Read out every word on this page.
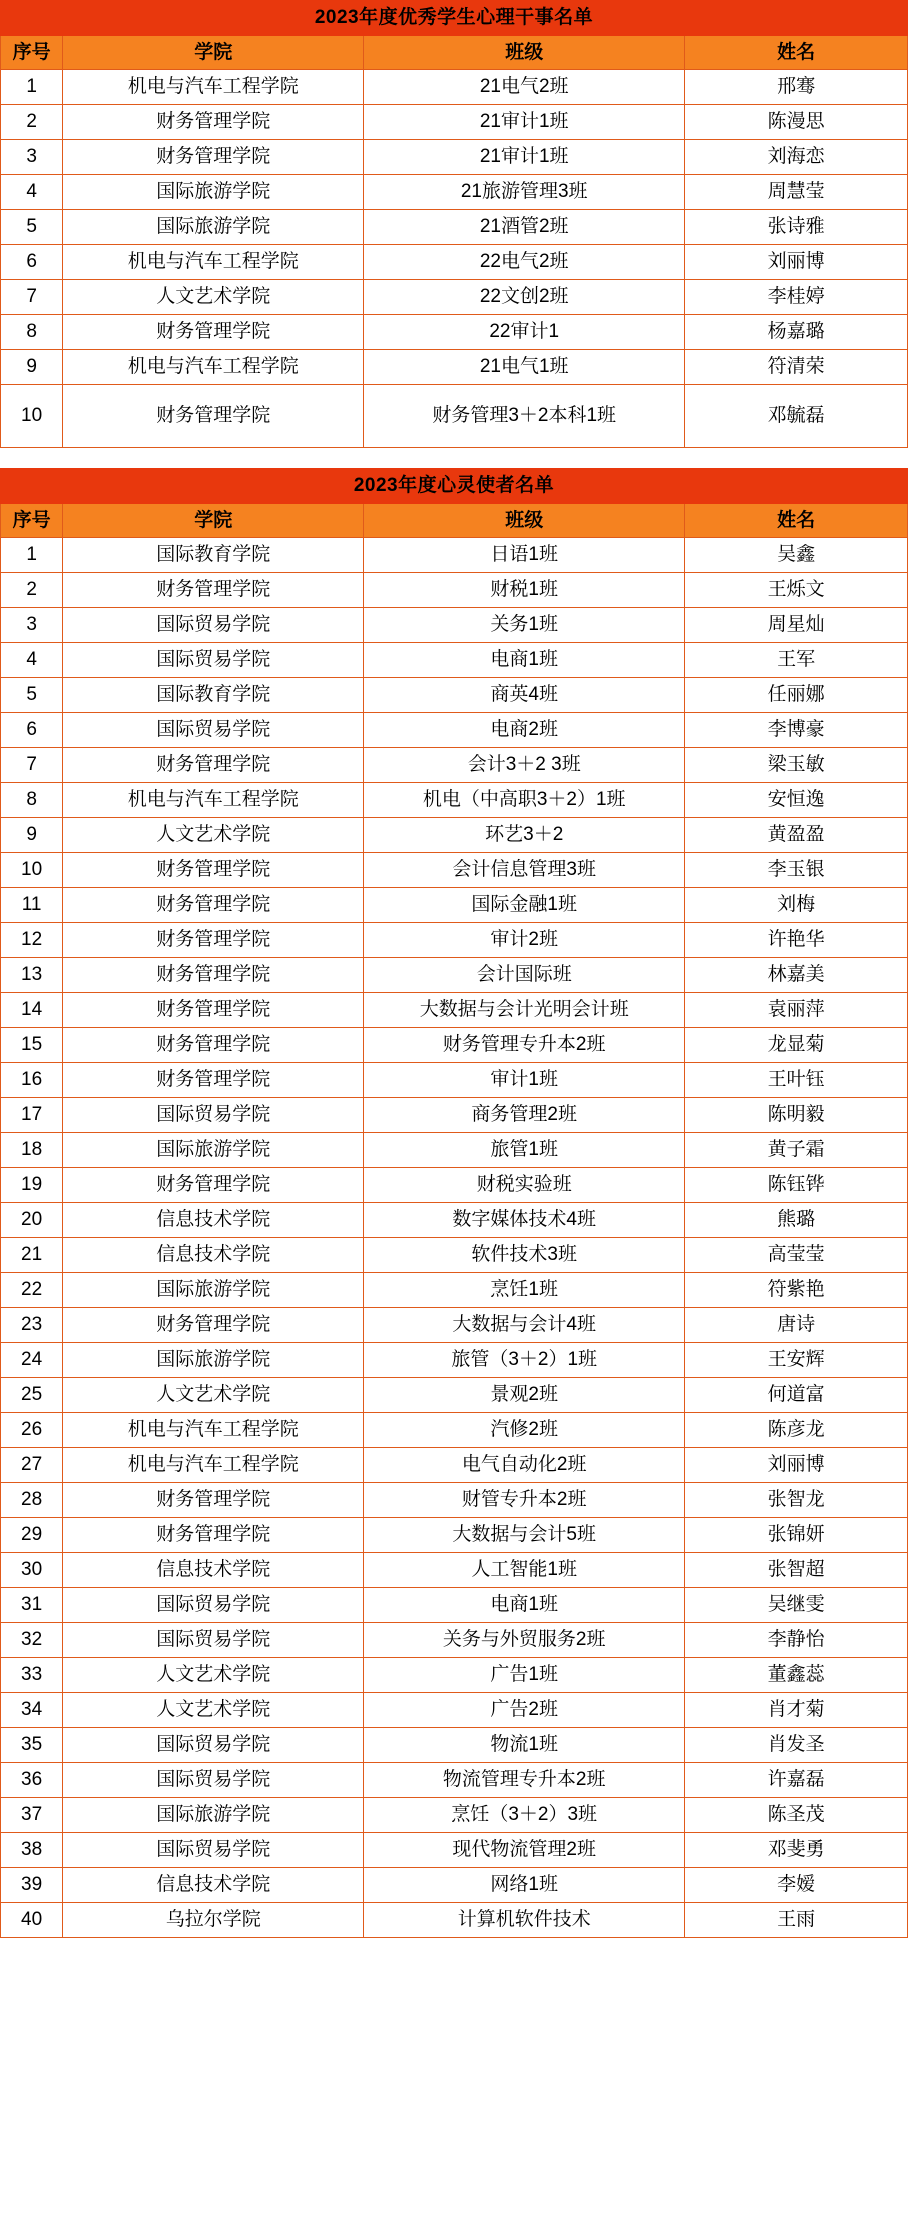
2023年度优秀学生心理干事名单			
序号	学院	班级	姓名
1	机电与汽车工程学院	21电气2班	邢骞
2	财务管理学院	21审计1班	陈漫思
3	财务管理学院	21审计1班	刘海恋
4	国际旅游学院	21旅游管理3班	周慧莹
5	国际旅游学院	21酒管2班	张诗雅
6	机电与汽车工程学院	22电气2班	刘丽博
7	人文艺术学院	22文创2班	李桂婷
8	财务管理学院	22审计1	杨嘉璐
9	机电与汽车工程学院	21电气1班	符清荣
10	财务管理学院	财务管理3＋2本科1班	邓毓磊
2023年度心灵使者名单			
序号	学院	班级	姓名
1	国际教育学院	日语1班	吴鑫
2	财务管理学院	财税1班	王烁文
3	国际贸易学院	关务1班	周星灿
4	国际贸易学院	电商1班	王军
5	国际教育学院	商英4班	任丽娜
6	国际贸易学院	电商2班	李博豪
7	财务管理学院	会计3＋2 3班	梁玉敏
8	机电与汽车工程学院	机电（中高职3＋2）1班	安恒逸
9	人文艺术学院	环艺3＋2	黄盈盈
10	财务管理学院	会计信息管理3班	李玉银
11	财务管理学院	国际金融1班	刘梅
12	财务管理学院	审计2班	许艳华
13	财务管理学院	会计国际班	林嘉美
14	财务管理学院	大数据与会计光明会计班	袁丽萍
15	财务管理学院	财务管理专升本2班	龙显菊
16	财务管理学院	审计1班	王叶钰
17	国际贸易学院	商务管理2班	陈明毅
18	国际旅游学院	旅管1班	黄子霜
19	财务管理学院	财税实验班	陈钰铧
20	信息技术学院	数字媒体技术4班	熊璐
21	信息技术学院	软件技术3班	高莹莹
22	国际旅游学院	烹饪1班	符紫艳
23	财务管理学院	大数据与会计4班	唐诗
24	国际旅游学院	旅管（3＋2）1班	王安辉
25	人文艺术学院	景观2班	何道富
26	机电与汽车工程学院	汽修2班	陈彦龙
27	机电与汽车工程学院	电气自动化2班	刘丽博
28	财务管理学院	财管专升本2班	张智龙
29	财务管理学院	大数据与会计5班	张锦妍
30	信息技术学院	人工智能1班	张智超
31	国际贸易学院	电商1班	吴继雯
32	国际贸易学院	关务与外贸服务2班	李静怡
33	人文艺术学院	广告1班	董鑫蕊
34	人文艺术学院	广告2班	肖才菊
35	国际贸易学院	物流1班	肖发圣
36	国际贸易学院	物流管理专升本2班	许嘉磊
37	国际旅游学院	烹饪（3＋2）3班	陈圣茂
38	国际贸易学院	现代物流管理2班	邓斐勇
39	信息技术学院	网络1班	李嫒
40	乌拉尔学院	计算机软件技术	王雨
